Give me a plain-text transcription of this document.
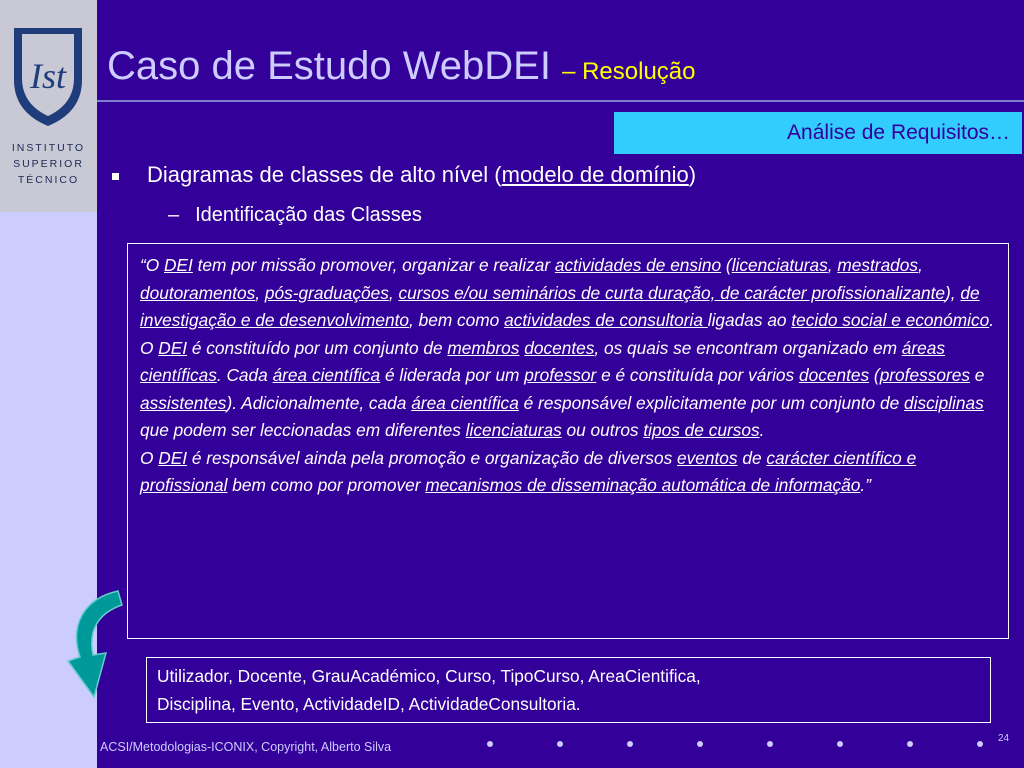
Ist
INSTITUTO
SUPERIOR
TÉCNICO
Caso de Estudo WebDEI – Resolução
Análise de Requisitos…
Diagramas de classes de alto nível (modelo de domínio)
– Identificação das Classes

“O DEI tem por missão promover, organizar e realizar actividades de ensino (licenciaturas, mestrados, doutoramentos, pós-graduações, cursos e/ou seminários de curta duração, de carácter profissionalizante), de investigação e de desenvolvimento, bem como actividades de consultoria ligadas ao tecido social e económico.

O DEI é constituído por um conjunto de membros docentes, os quais se encontram organizado em áreas científicas. Cada área científica é liderada por um professor e é constituída por vários docentes (professores e assistentes). Adicionalmente, cada área científica é responsável explicitamente por um conjunto de disciplinas que podem ser leccionadas em diferentes licenciaturas ou outros tipos de cursos.

O DEI é responsável ainda pela promoção e organização de diversos eventos de carácter científico e profissional bem como por promover mecanismos de disseminação automática de informação.”

Utilizador, Docente, GrauAcadémico, Curso, TipoCurso, AreaCientifica,
Disciplina, Evento, ActividadeID, ActividadeConsultoria.
ACSI/Metodologias-ICONIX, Copyright, Alberto Silva
24
